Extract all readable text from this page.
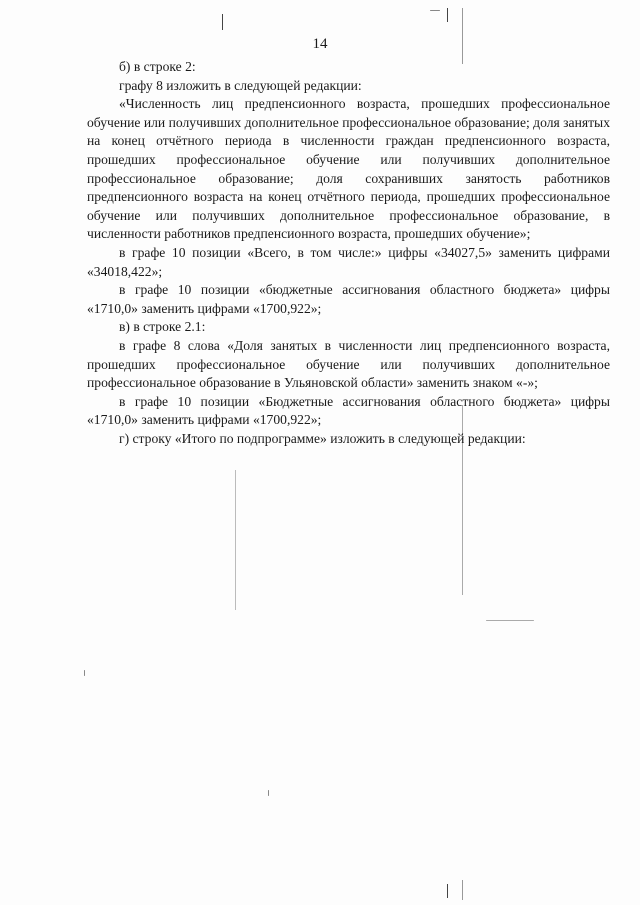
14

б) в строке 2:

графу 8 изложить в следующей редакции:

«Численность лиц предпенсионного возраста, прошедших профессиональное обучение или получивших дополнительное профессиональное образование; доля занятых на конец отчётного периода в численности граждан предпенсионного возраста, прошедших профессиональное обучение или получивших дополнительное профессиональное образование; доля сохранивших занятость работников предпенсионного возраста на конец отчётного периода, прошедших профессиональное обучение или получивших дополнительное профессиональное образование, в численности работников предпенсионного возраста, прошедших обучение»;

в графе 10 позиции «Всего, в том числе:» цифры «34027,5» заменить цифрами «34018,422»;

в графе 10 позиции «бюджетные ассигнования областного бюджета» цифры «1710,0» заменить цифрами «1700,922»;

в) в строке 2.1:

в графе 8 слова «Доля занятых в численности лиц предпенсионного возраста, прошедших профессиональное обучение или получивших дополнительное профессиональное образование в Ульяновской области» заменить знаком «-»;

в графе 10 позиции «Бюджетные ассигнования областного бюджета» цифры «1710,0» заменить цифрами «1700,922»;

г) строку «Итого по подпрограмме» изложить в следующей редакции:
